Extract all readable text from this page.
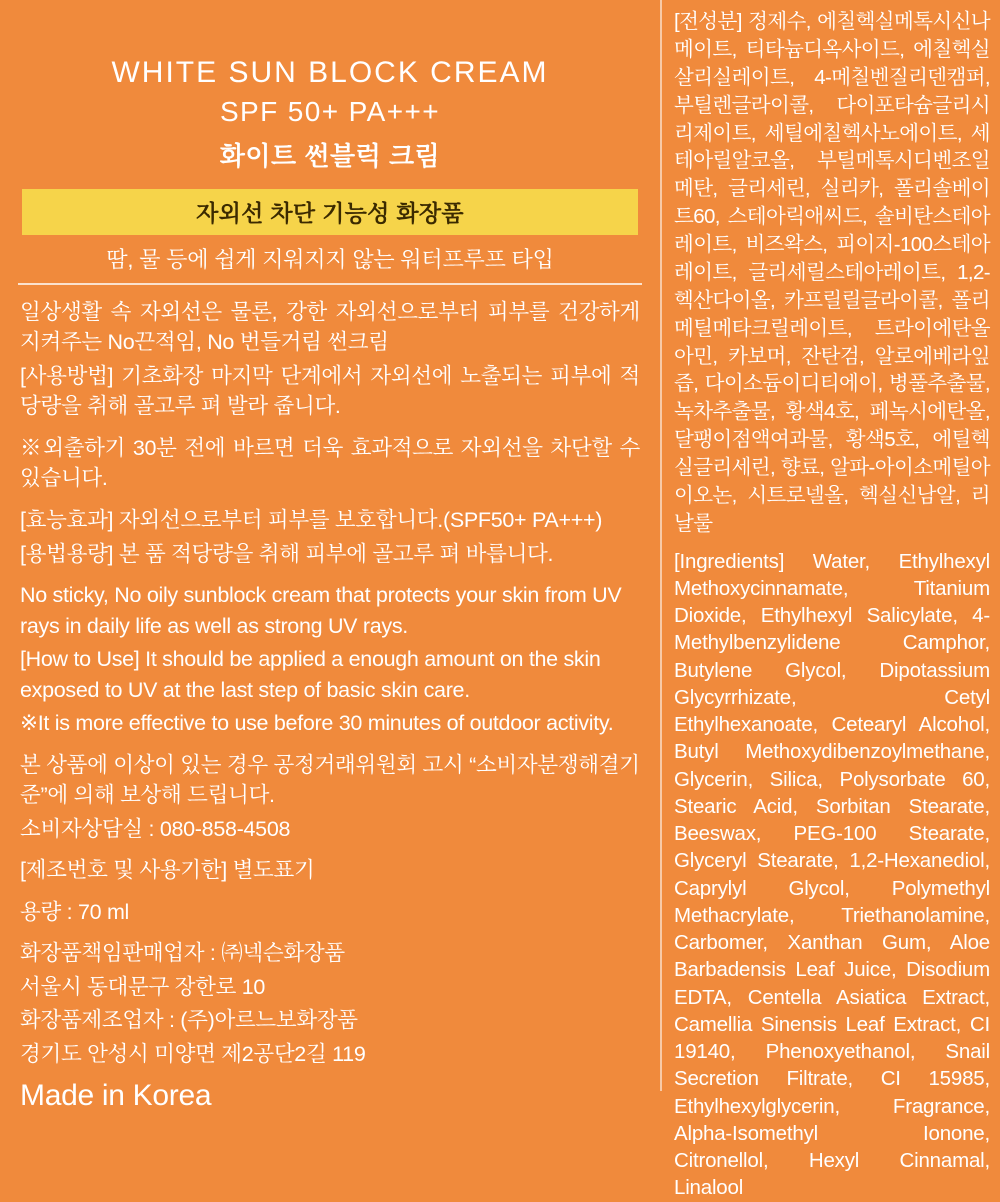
WHITE SUN BLOCK CREAM
SPF 50+ PA+++
화이트 썬블럭 크림
자외선 차단 기능성 화장품
땀, 물 등에 쉽게 지워지지 않는 워터프루프 타입

일상생활 속 자외선은 물론, 강한 자외선으로부터 피부를 건강하게 지켜주는 No끈적임, No 번들거림 썬크림

[사용방법] 기초화장 마지막 단계에서 자외선에 노출되는 피부에 적당량을 취해 골고루 펴 발라 줍니다.

※외출하기 30분 전에 바르면 더욱 효과적으로 자외선을 차단할 수 있습니다.

[효능효과] 자외선으로부터 피부를 보호합니다.(SPF50+ PA+++)

[용법용량] 본 품 적당량을 취해 피부에 골고루 펴 바릅니다.

No sticky, No oily sunblock cream that protects your skin from UV rays in daily life as well as strong UV rays.

[How to Use] It should be applied a enough amount on the skin exposed to UV at the last step of basic skin care.

※It is more effective to use before 30 minutes of outdoor activity.

본 상품에 이상이 있는 경우 공정거래위원회 고시 “소비자분쟁해결기준”에 의해 보상해 드립니다.

소비자상담실 : 080-858-4508

[제조번호 및 사용기한] 별도표기

용량 : 70 ml

화장품책임판매업자 : ㈜넥슨화장품

서울시 동대문구 장한로 10

화장품제조업자 : (주)아르느보화장품

경기도 안성시 미양면 제2공단2길 119

Made in Korea

[전성분] 정제수, 에칠헥실메톡시신나메이트, 티타늄디옥사이드, 에칠헥실살리실레이트, 4-메칠벤질리덴캠퍼, 부틸렌글라이콜, 다이포타슘글리시리제이트, 세틸에칠헥사노에이트, 세테아릴알코올, 부틸메톡시디벤조일메탄, 글리세린, 실리카, 폴리솔베이트60, 스테아릭애씨드, 솔비탄스테아레이트, 비즈왁스, 피이지-100스테아레이트, 글리세릴스테아레이트, 1,2-헥산다이올, 카프릴릴글라이콜, 폴리메틸메타크릴레이트, 트라이에탄올아민, 카보머, 잔탄검, 알로에베라잎즙, 다이소듐이디티에이, 병풀추출물, 녹차추출물, 황색4호, 페녹시에탄올, 달팽이점액여과물, 황색5호, 에틸헥실글리세린, 향료, 알파-아이소메틸아이오논, 시트로넬올, 헥실신남알, 리날룰
[Ingredients] Water, Ethylhexyl Methoxycinnamate, Titanium Dioxide, Ethylhexyl Salicylate, 4-Methylbenzylidene Camphor, Butylene Glycol, Dipotassium Glycyrrhizate, Cetyl Ethylhexanoate, Cetearyl Alcohol, Butyl Methoxydibenzoylmethane, Glycerin, Silica, Polysorbate 60, Stearic Acid, Sorbitan Stearate, Beeswax, PEG-100 Stearate, Glyceryl Stearate, 1,2-Hexanediol, Caprylyl Glycol, Polymethyl Methacrylate, Triethanolamine, Carbomer, Xanthan Gum, Aloe Barbadensis Leaf Juice, Disodium EDTA, Centella Asiatica Extract, Camellia Sinensis Leaf Extract, CI 19140, Phenoxyethanol, Snail Secretion Filtrate, CI 15985, Ethylhexylglycerin, Fragrance, Alpha-Isomethyl Ionone, Citronellol, Hexyl Cinnamal, Linalool
